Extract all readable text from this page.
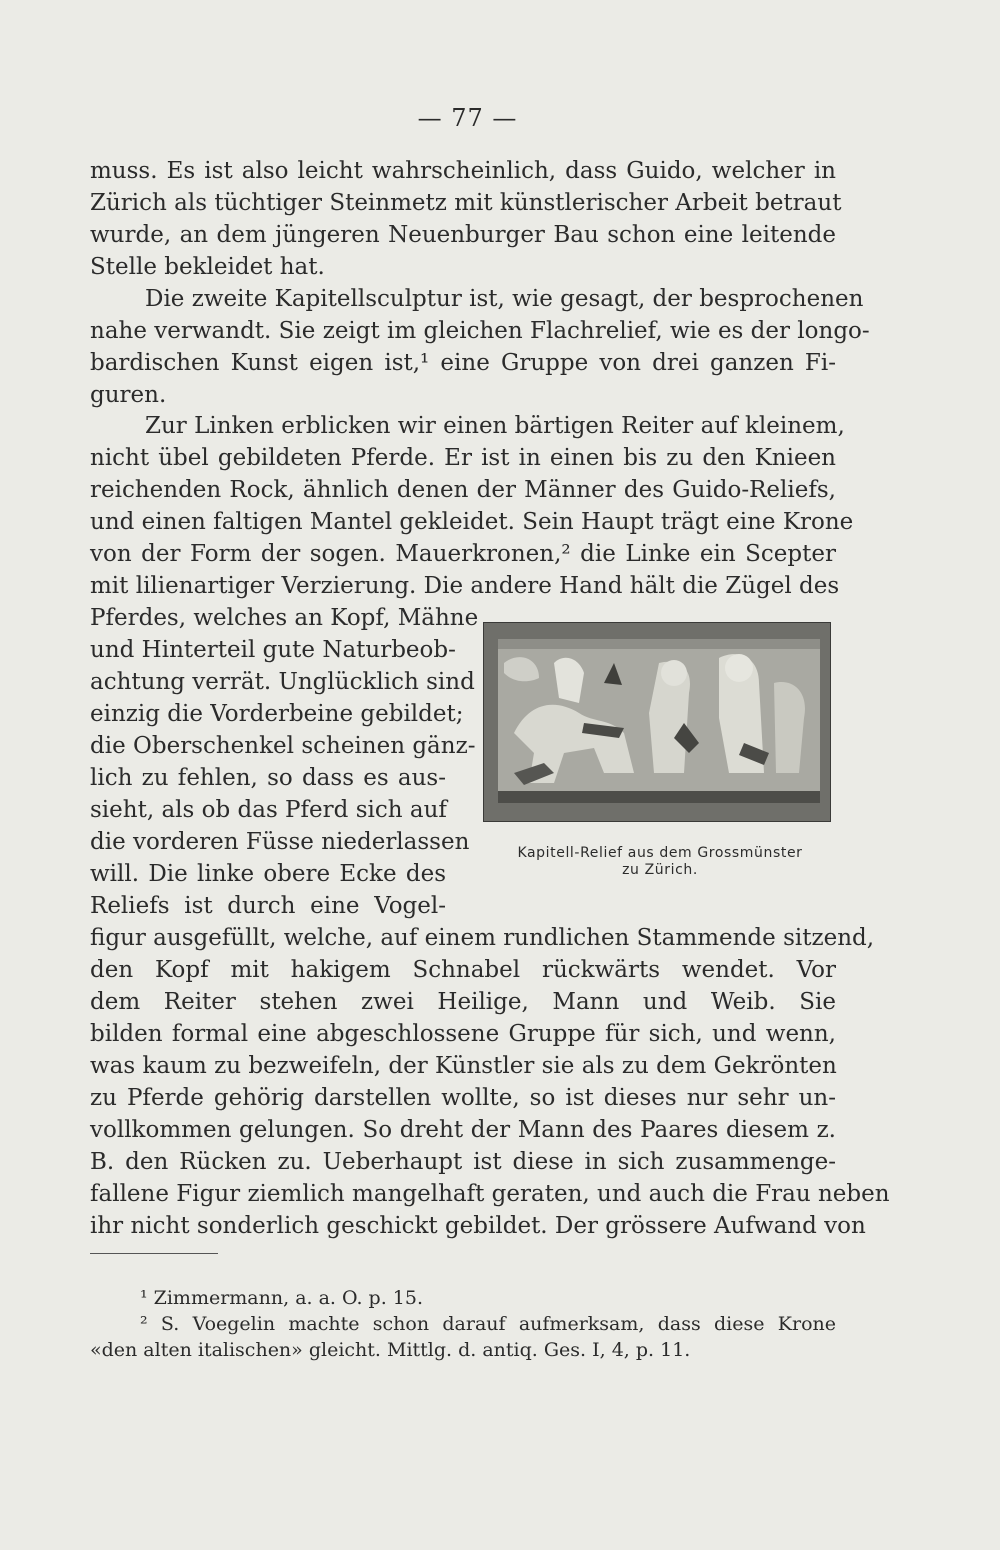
— 77 —
muss. Es ist also leicht wahrscheinlich, dass Guido, welcher in
Zürich als tüchtiger Steinmetz mit künstlerischer Arbeit betraut
wurde, an dem jüngeren Neuenburger Bau schon eine leitende
Stelle bekleidet hat.
Die zweite Kapitellsculptur ist, wie gesagt, der besprochenen
nahe verwandt. Sie zeigt im gleichen Flachrelief, wie es der longo-
bardischen Kunst eigen ist,¹ eine Gruppe von drei ganzen Fi-
guren.
Zur Linken erblicken wir einen bärtigen Reiter auf kleinem,
nicht übel gebildeten Pferde. Er ist in einen bis zu den Knieen
reichenden Rock, ähnlich denen der Männer des Guido-Reliefs,
und einen faltigen Mantel gekleidet. Sein Haupt trägt eine Krone
von der Form der sogen. Mauerkronen,² die Linke ein Scepter
mit lilienartiger Verzierung. Die andere Hand hält die Zügel des
Pferdes, welches an Kopf, Mähne
und Hinterteil gute Naturbeob-
achtung verrät. Unglücklich sind
einzig die Vorderbeine gebildet;
die Oberschenkel scheinen gänz-
lich zu fehlen, so dass es aus-
sieht, als ob das Pferd sich auf
die vorderen Füsse niederlassen
will. Die linke obere Ecke des
Reliefs ist durch eine Vogel-
Kapitell-Relief aus dem Grossmünster
zu Zürich.
figur ausgefüllt, welche, auf einem rundlichen Stammende sitzend,
den Kopf mit hakigem Schnabel rückwärts wendet. Vor
dem Reiter stehen zwei Heilige, Mann und Weib. Sie
bilden formal eine abgeschlossene Gruppe für sich, und wenn,
was kaum zu bezweifeln, der Künstler sie als zu dem Gekrönten
zu Pferde gehörig darstellen wollte, so ist dieses nur sehr un-
vollkommen gelungen. So dreht der Mann des Paares diesem z.
B. den Rücken zu. Ueberhaupt ist diese in sich zusammenge-
fallene Figur ziemlich mangelhaft geraten, und auch die Frau neben
ihr nicht sonderlich geschickt gebildet. Der grössere Aufwand von
¹ Zimmermann, a. a. O. p. 15.
² S. Voegelin machte schon darauf aufmerksam, dass diese Krone
«den alten italischen» gleicht. Mittlg. d. antiq. Ges. I, 4, p. 11.
